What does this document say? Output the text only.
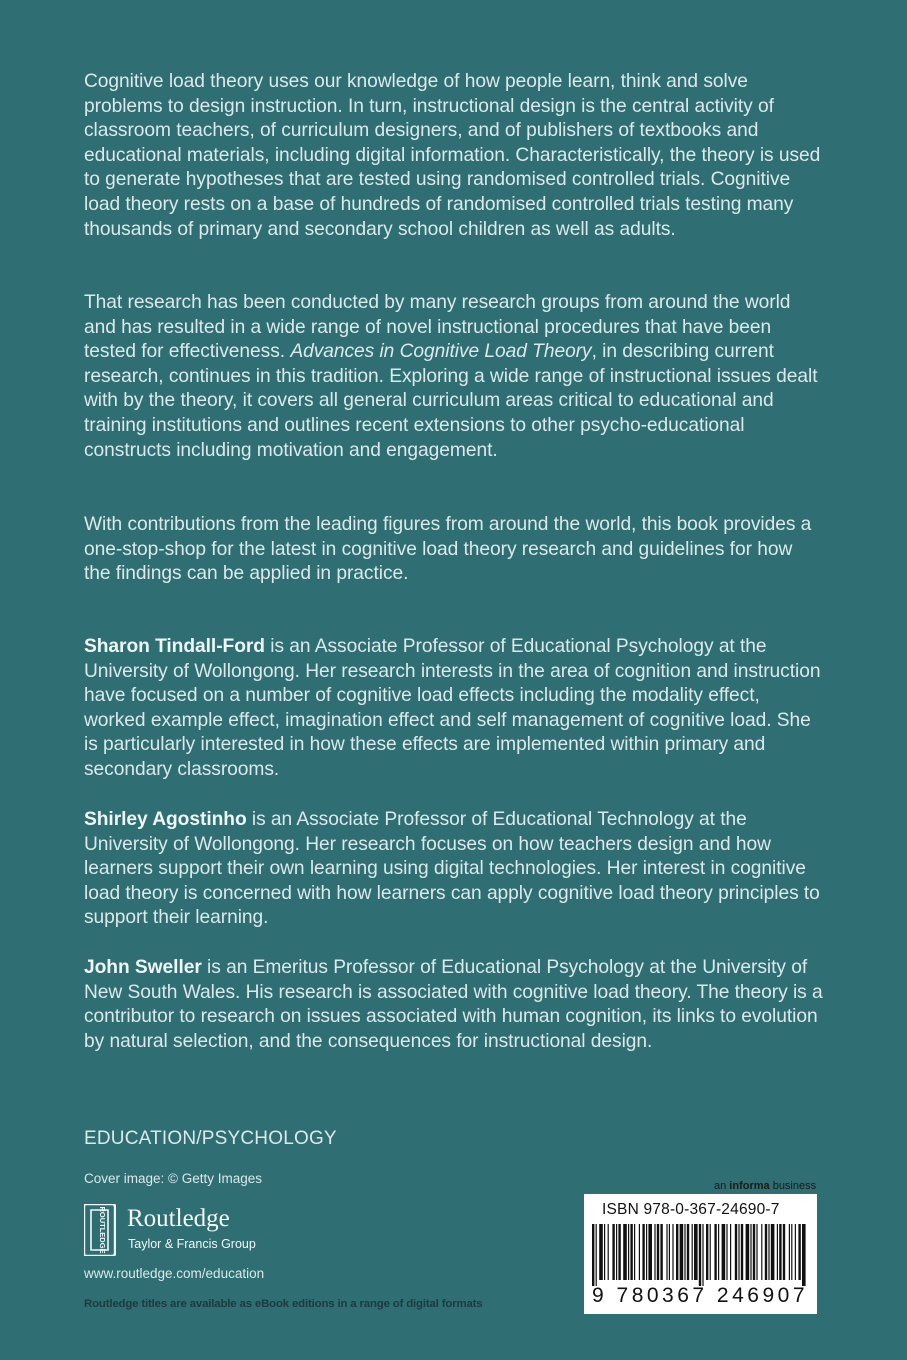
Cognitive load theory uses our knowledge of how people learn, think and solve problems to design instruction. In turn, instructional design is the central activity of classroom teachers, of curriculum designers, and of publishers of textbooks and educational materials, including digital information. Characteristically, the theory is used to generate hypotheses that are tested using randomised controlled trials. Cognitive load theory rests on a base of hundreds of randomised controlled trials testing many thousands of primary and secondary school children as well as adults.

That research has been conducted by many research groups from around the world and has resulted in a wide range of novel instructional procedures that have been tested for effectiveness. Advances in Cognitive Load Theory, in describing current research, continues in this tradition. Exploring a wide range of instructional issues dealt with by the theory, it covers all general curriculum areas critical to educational and training institutions and outlines recent extensions to other psycho-educational constructs including motivation and engagement.

With contributions from the leading figures from around the world, this book provides a one-stop-shop for the latest in cognitive load theory research and guidelines for how the findings can be applied in practice.

Sharon Tindall-Ford is an Associate Professor of Educational Psychology at the University of Wollongong. Her research interests in the area of cognition and instruction have focused on a number of cognitive load effects including the modality effect, worked example effect, imagination effect and self management of cognitive load. She is particularly interested in how these effects are implemented within primary and secondary classrooms.

Shirley Agostinho is an Associate Professor of Educational Technology at the University of Wollongong. Her research focuses on how teachers design and how learners support their own learning using digital technologies. Her interest in cognitive load theory is concerned with how learners can apply cognitive load theory principles to support their learning.

John Sweller is an Emeritus Professor of Educational Psychology at the University of New South Wales. His research is associated with cognitive load theory. The theory is a contributor to research on issues associated with human cognition, its links to evolution by natural selection, and the consequences for instructional design.

EDUCATION/PSYCHOLOGY

Cover image: © Getty Images

ROUTLEDGE Routledge
Taylor & Francis Group

www.routledge.com/education

Routledge titles are available as eBook editions in a range of digital formats

an informa business

ISBN 978-0-367-24690-7

9 780367 246907
